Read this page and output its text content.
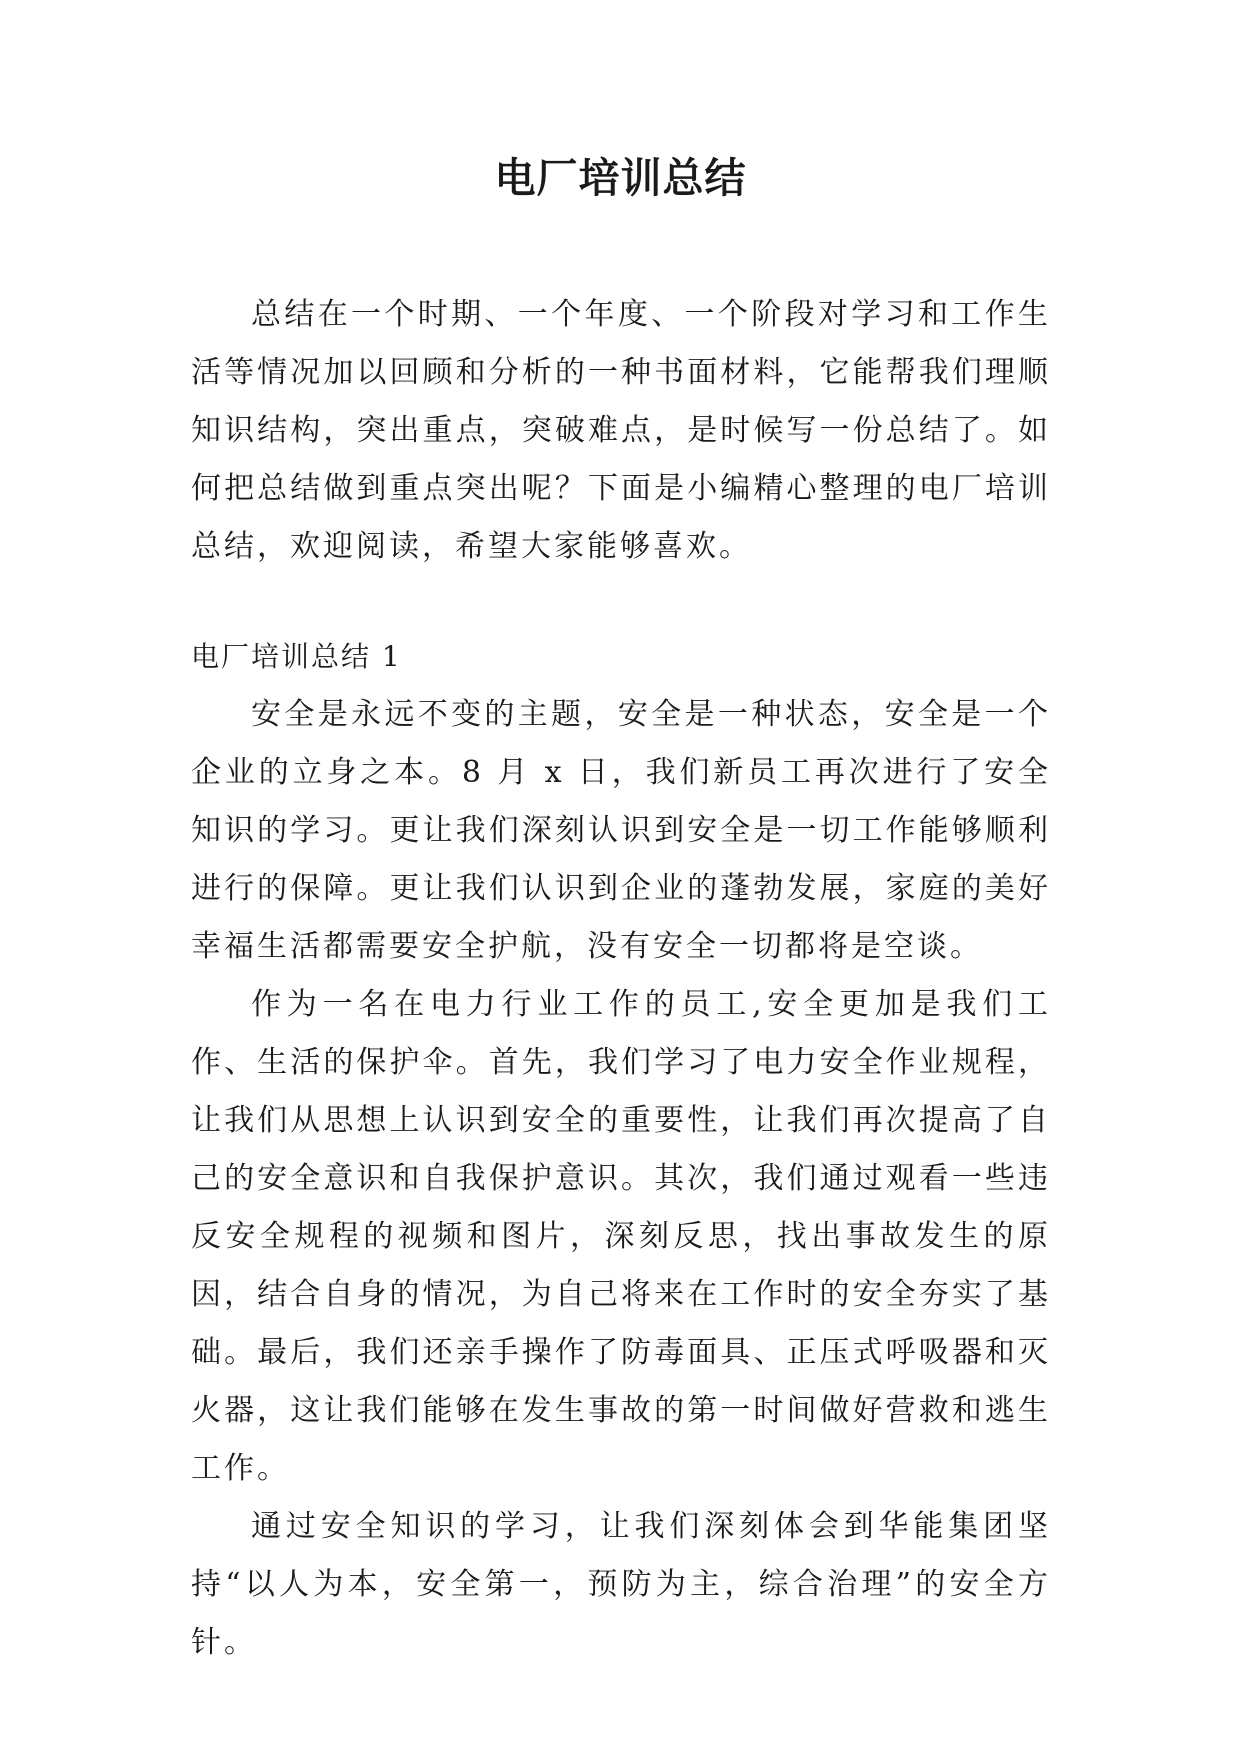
电厂培训总结

总结在一个时期、一个年度、一个阶段对学习和工作生活等情况加以回顾和分析的一种书面材料，它能帮我们理顺知识结构，突出重点，突破难点，是时候写一份总结了。如何把总结做到重点突出呢？下面是小编精心整理的电厂培训总结，欢迎阅读，希望大家能够喜欢。

电厂培训总结 1

安全是永远不变的主题，安全是一种状态，安全是一个企业的立身之本。8 月 x 日，我们新员工再次进行了安全知识的学习。更让我们深刻认识到安全是一切工作能够顺利进行的保障。更让我们认识到企业的蓬勃发展，家庭的美好幸福生活都需要安全护航，没有安全一切都将是空谈。

作为一名在电力行业工作的员工,安全更加是我们工作、生活的保护伞。首先，我们学习了电力安全作业规程，让我们从思想上认识到安全的重要性，让我们再次提高了自己的安全意识和自我保护意识。其次，我们通过观看一些违反安全规程的视频和图片，深刻反思，找出事故发生的原因，结合自身的情况，为自己将来在工作时的安全夯实了基础。最后，我们还亲手操作了防毒面具、正压式呼吸器和灭火器，这让我们能够在发生事故的第一时间做好营救和逃生工作。

通过安全知识的学习，让我们深刻体会到华能集团坚持“以人为本，安全第一，预防为主，综合治理”的安全方针。
